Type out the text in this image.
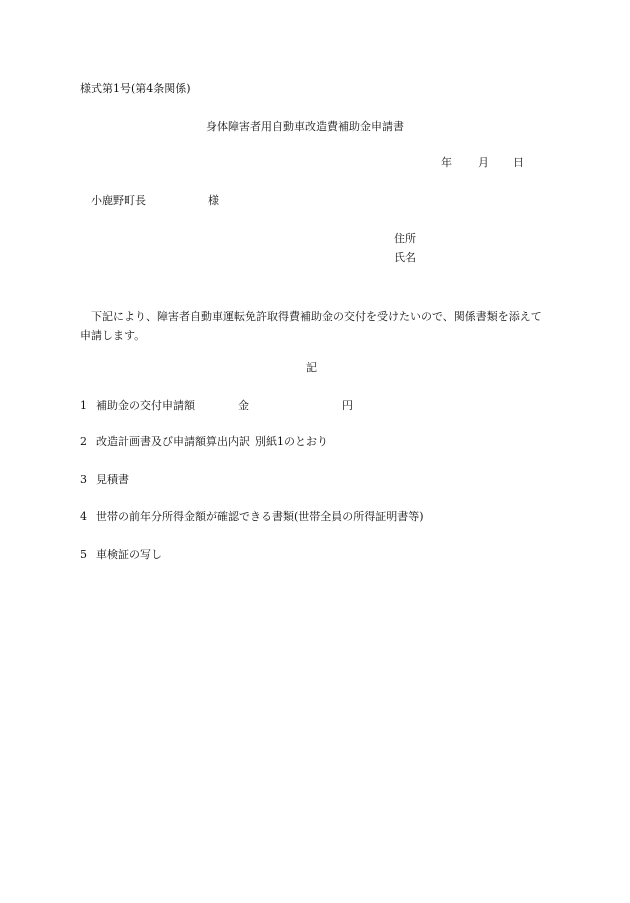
様式第1号(第4条関係)
身体障害者用自動車改造費補助金申請書
年 月 日
小鹿野町長	様
住所
氏名
下記により、障害者自動車運転免許取得費補助金の交付を受けたいので、関係書類を添えて申請します。
記
1 補助金の交付申請額	金	円
2 改造計画書及び申請額算出内訳 別紙1のとおり
3 見積書
4 世帯の前年分所得金額が確認できる書類(世帯全員の所得証明書等)
5 車検証の写し
